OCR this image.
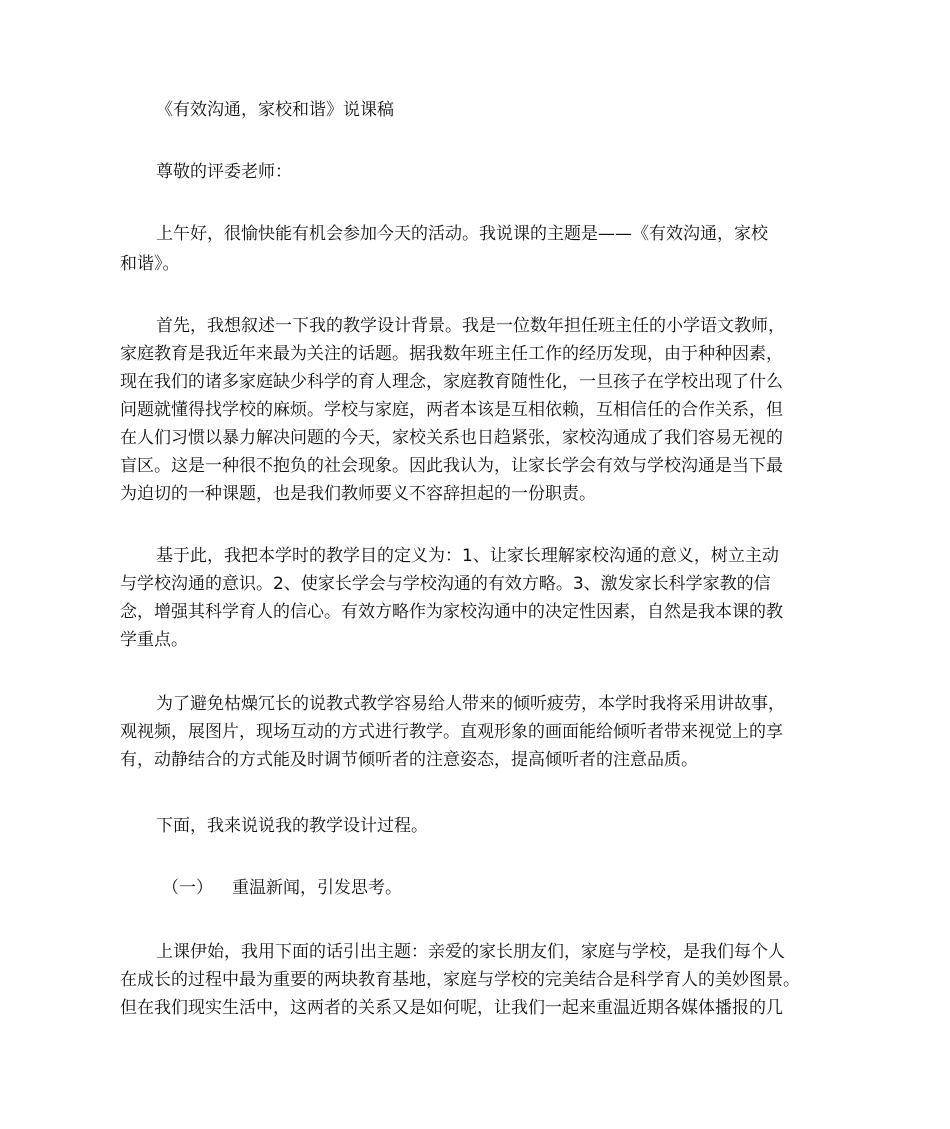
《有效沟通，家校和谐》说课稿
尊敬的评委老师：
上午好，很愉快能有机会参加今天的活动。我说课的主题是——《有效沟通，家校
和谐》。
首先，我想叙述一下我的教学设计背景。我是一位数年担任班主任的小学语文教师，
家庭教育是我近年来最为关注的话题。据我数年班主任工作的经历发现，由于种种因素，
现在我们的诸多家庭缺少科学的育人理念，家庭教育随性化，一旦孩子在学校出现了什么
问题就懂得找学校的麻烦。学校与家庭，两者本该是互相依赖，互相信任的合作关系，但
在人们习惯以暴力解决问题的今天，家校关系也日趋紧张，家校沟通成了我们容易无视的
盲区。这是一种很不抱负的社会现象。因此我认为，让家长学会有效与学校沟通是当下最
为迫切的一种课题，也是我们教师要义不容辞担起的一份职责。
基于此，我把本学时的教学目的定义为：1、让家长理解家校沟通的意义，树立主动
与学校沟通的意识。2、使家长学会与学校沟通的有效方略。3、激发家长科学家教的信
念，增强其科学育人的信心。有效方略作为家校沟通中的决定性因素，自然是我本课的教
学重点。
为了避免枯燥冗长的说教式教学容易给人带来的倾听疲劳，本学时我将采用讲故事，
观视频，展图片，现场互动的方式进行教学。直观形象的画面能给倾听者带来视觉上的享
有，动静结合的方式能及时调节倾听者的注意姿态，提高倾听者的注意品质。
下面，我来说说我的教学设计过程。
（一） 重温新闻，引发思考。
上课伊始，我用下面的话引出主题：亲爱的家长朋友们，家庭与学校，是我们每个人
在成长的过程中最为重要的两块教育基地，家庭与学校的完美结合是科学育人的美妙图景。
但在我们现实生活中，这两者的关系又是如何呢，让我们一起来重温近期各媒体播报的几
